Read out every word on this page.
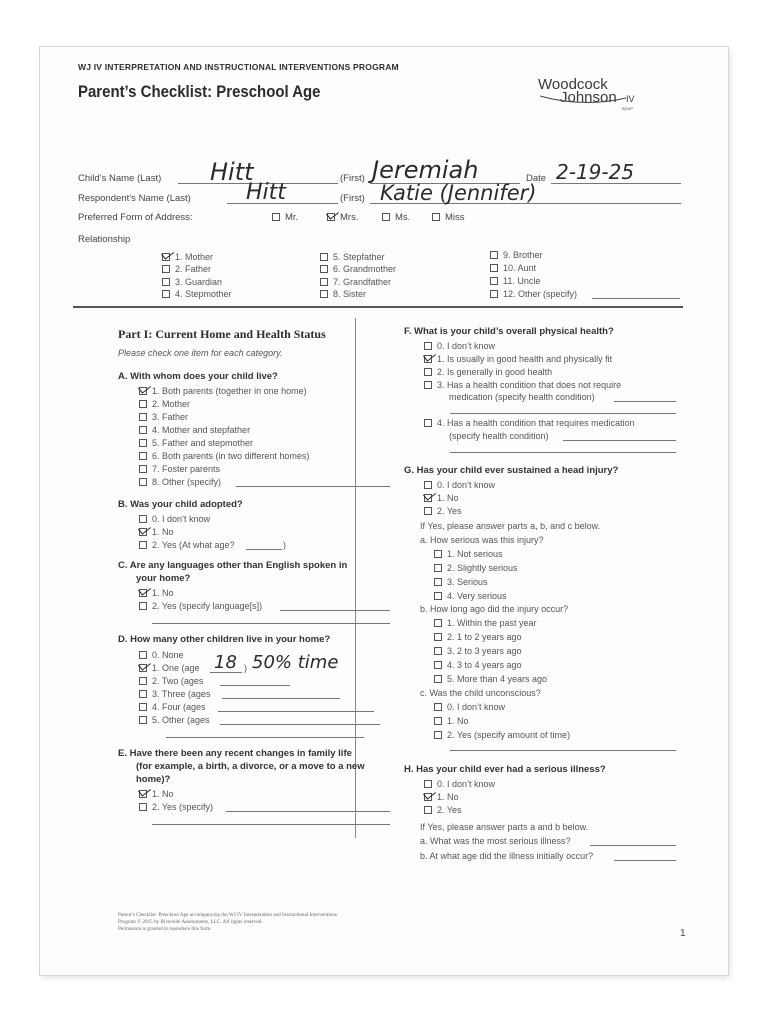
WJ IV INTERPRETATION AND INSTRUCTIONAL INTERVENTIONS PROGRAM
Parent’s Checklist: Preschool Age	Woodcock
Johnson IV
BDAP
Child’s Name (Last) Hitt	(First) Jeremiah	Date 2-19-25
Respondent’s Name (Last)	Hitt	(First) Katie (Jennifer)
Preferred Form of Address:	Mr.	Mrs.	Ms.	Miss
Relationship
1. Mother
2. Father
3. Guardian
4. Stepmother
5. Stepfather
6. Grandmother
7. Grandfather
8. Sister
9. Brother
10. Aunt
11. Uncle
12. Other (specify)
Part I: Current Home and Health Status
Please check one item for each category.
A. With whom does your child live?
1. Both parents (together in one home)
2. Mother
3. Father
4. Mother and stepfather
5. Father and stepmother
6. Both parents (in two different homes)
7. Foster parents
8. Other (specify)
B. Was your child adopted?
0. I don’t know
1. No
2. Yes (At what age?	)
C. Are any languages other than English spoken in
your home?
1. No
2. Yes (specify language[s])
D. How many other children live in your home?
0. None
1. One (age 18 ) 50% time
2. Two (ages
3. Three (ages
4. Four (ages
5. Other (ages
E. Have there been any recent changes in family life
(for example, a birth, a divorce, or a move to a new
home)?
1. No
2. Yes (specify)
F. What is your child’s overall physical health?
0. I don’t know
1. Is usually in good health and physically fit
2. Is generally in good health
3. Has a health condition that does not require
medication (specify health condition)
4. Has a health condition that requires medication
(specify health condition)
G. Has your child ever sustained a head injury?
0. I don’t know
1. No
2. Yes
If Yes, please answer parts a, b, and c below.
a. How serious was this injury?
1. Not serious
2. Slightly serious
3. Serious
4. Very serious
b. How long ago did the injury occur?
1. Within the past year
2. 1 to 2 years ago
3. 2 to 3 years ago
4. 3 to 4 years ago
5. More than 4 years ago
c. Was the child unconscious?
0. I don’t know
1. No
2. Yes (specify amount of time)
H. Has your child ever had a serious illness?
0. I don’t know
1. No
2. Yes
If Yes, please answer parts a and b below.
a. What was the most serious illness?
b. At what age did the illness initially occur?
Parent’s Checklist: Preschool Age accompanying the WJ IV Interpretation and Instructional Interventions
Program © 2015 by Riverside Assessments, LLC. All rights reserved.
Permission is granted to reproduce this form.	1
